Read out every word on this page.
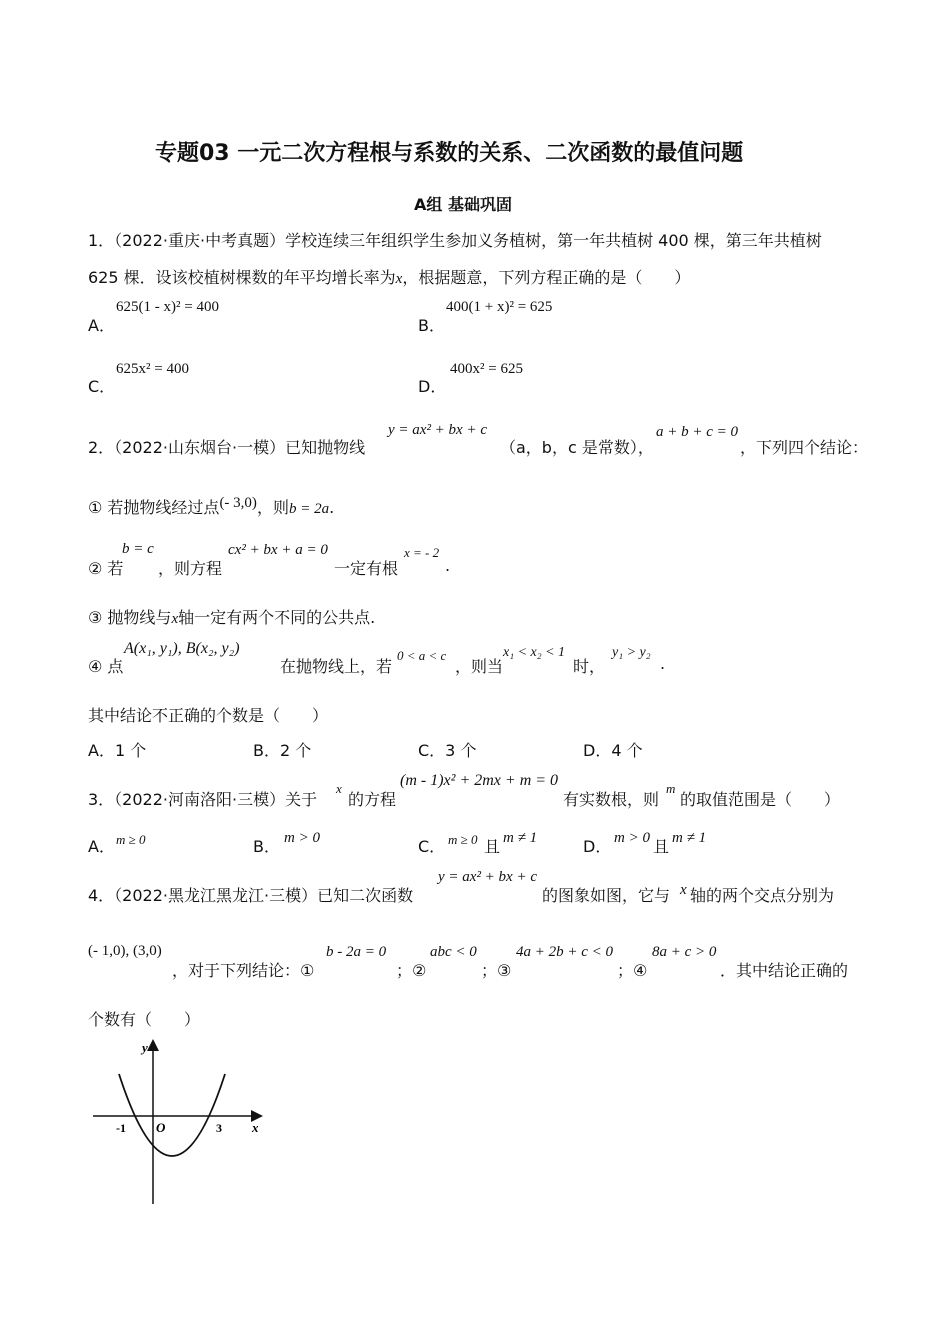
专题03 一元二次方程根与系数的关系、二次函数的最值问题
A组 基础巩固
1．（2022·重庆·中考真题）学校连续三年组织学生参加义务植树，第一年共植树 400 棵，第三年共植树
625 棵．设该校植树棵数的年平均增长率为x，根据题意，下列方程正确的是（　　）
A．
625(1 - x)² = 400
B．
400(1 + x)² = 625
C．
625x² = 400
D．
400x² = 625
2．（2022·山东烟台·一模）已知抛物线
y = ax² + bx + c
（a，b，c 是常数），
a + b + c = 0
，下列四个结论：
① 若抛物线经过点(- 3,0)，则b = 2a.
② 若
b = c
，则方程
cx² + bx + a = 0
一定有根
x = - 2
.
③ 抛物线与x轴一定有两个不同的公共点.
④ 点
A(x₁, y₁), B(x₂, y₂)
在抛物线上，若
0 < a < c
，则当
x₁ < x₂ < 1
时，
y₁ > y₂
.
其中结论不正确的个数是（　　）
A．1 个	B．2 个	C．3 个	D．4 个
3．（2022·河南洛阳·三模）关于
x
的方程
(m - 1)x² + 2mx + m = 0
有实数根，则
m
的取值范围是（　　）
A． m ≥ 0	B． m > 0	C． m ≥ 0 且 m ≠ 1	D． m > 0 且 m ≠ 1
4．（2022·黑龙江黑龙江·三模）已知二次函数
y = ax² + bx + c
的图象如图，它与 x 轴的两个交点分别为
(- 1,0), (3,0)
，对于下列结论：①
b - 2a = 0
；②
abc < 0
；③
4a + 2b + c < 0
；④
8a + c > 0
．其中结论正确的
个数有（　　）
y
x
O
-1	3
